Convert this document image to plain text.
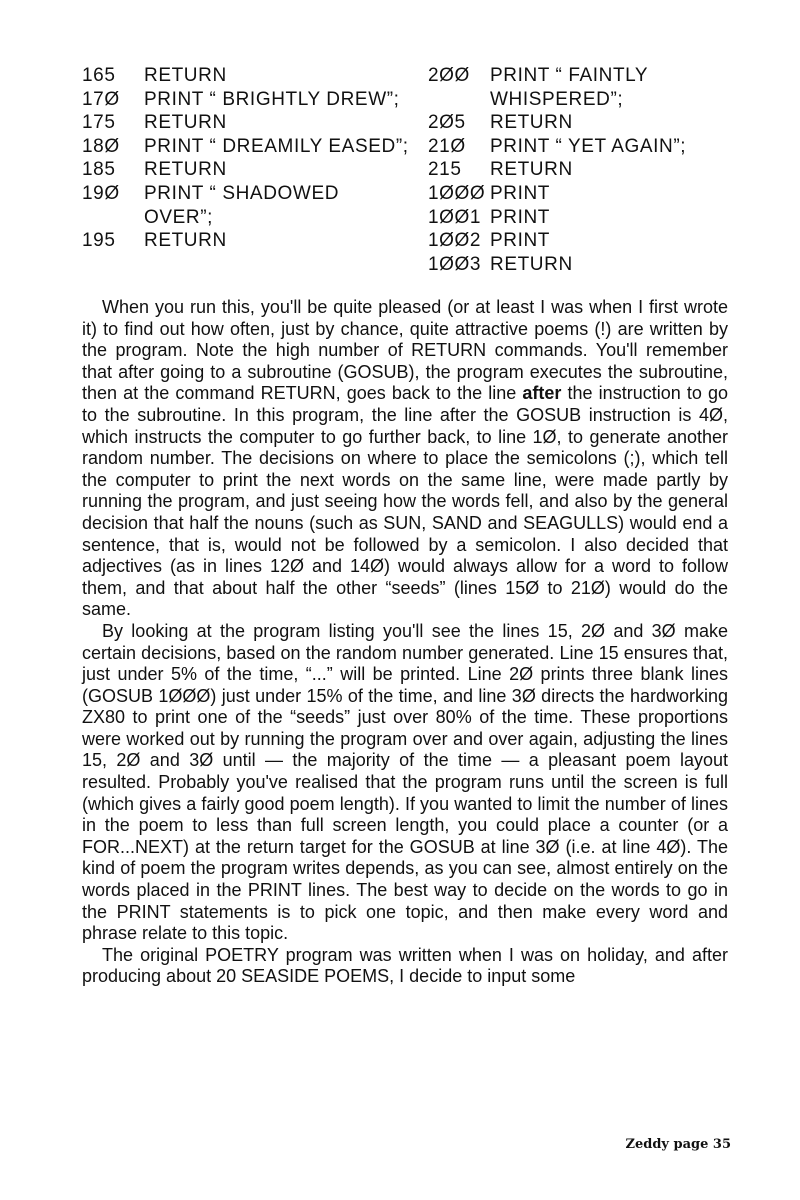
165 RETURN
17Ø PRINT “ BRIGHTLY DREW”;
175 RETURN
18Ø PRINT “ DREAMILY EASED”;
185 RETURN
19Ø PRINT “ SHADOWED OVER”;
195 RETURN
2ØØ PRINT “ FAINTLY WHISPERED”;
2Ø5 RETURN
21Ø PRINT “ YET AGAIN”;
215 RETURN
1ØØØ PRINT
1ØØ1 PRINT
1ØØ2 PRINT
1ØØ3 RETURN

When you run this, you'll be quite pleased (or at least I was when I first wrote it) to find out how often, just by chance, quite attractive poems (!) are written by the program. Note the high number of RETURN commands. You'll remember that after going to a subroutine (GOSUB), the program executes the subroutine, then at the command RETURN, goes back to the line after the instruction to go to the subroutine. In this program, the line after the GOSUB instruction is 4Ø, which instructs the computer to go further back, to line 1Ø, to generate another random number. The decisions on where to place the semicolons (;), which tell the computer to print the next words on the same line, were made partly by running the program, and just seeing how the words fell, and also by the general decision that half the nouns (such as SUN, SAND and SEAGULLS) would end a sentence, that is, would not be followed by a semicolon. I also decided that adjectives (as in lines 12Ø and 14Ø) would always allow for a word to follow them, and that about half the other “seeds” (lines 15Ø to 21Ø) would do the same.

By looking at the program listing you'll see the lines 15, 2Ø and 3Ø make certain decisions, based on the random number generated. Line 15 ensures that, just under 5% of the time, “...” will be printed. Line 2Ø prints three blank lines (GOSUB 1ØØØ) just under 15% of the time, and line 3Ø directs the hardworking ZX80 to print one of the “seeds” just over 80% of the time. These proportions were worked out by running the program over and over again, adjusting the lines 15, 2Ø and 3Ø until — the majority of the time — a pleasant poem layout resulted. Probably you've realised that the program runs until the screen is full (which gives a fairly good poem length). If you wanted to limit the number of lines in the poem to less than full screen length, you could place a counter (or a FOR...NEXT) at the return target for the GOSUB at line 3Ø (i.e. at line 4Ø). The kind of poem the program writes depends, as you can see, almost entirely on the words placed in the PRINT lines. The best way to decide on the words to go in the PRINT statements is to pick one topic, and then make every word and phrase relate to this topic.

The original POETRY program was written when I was on holiday, and after producing about 20 SEASIDE POEMS, I decide to input some

Zeddy page 35
